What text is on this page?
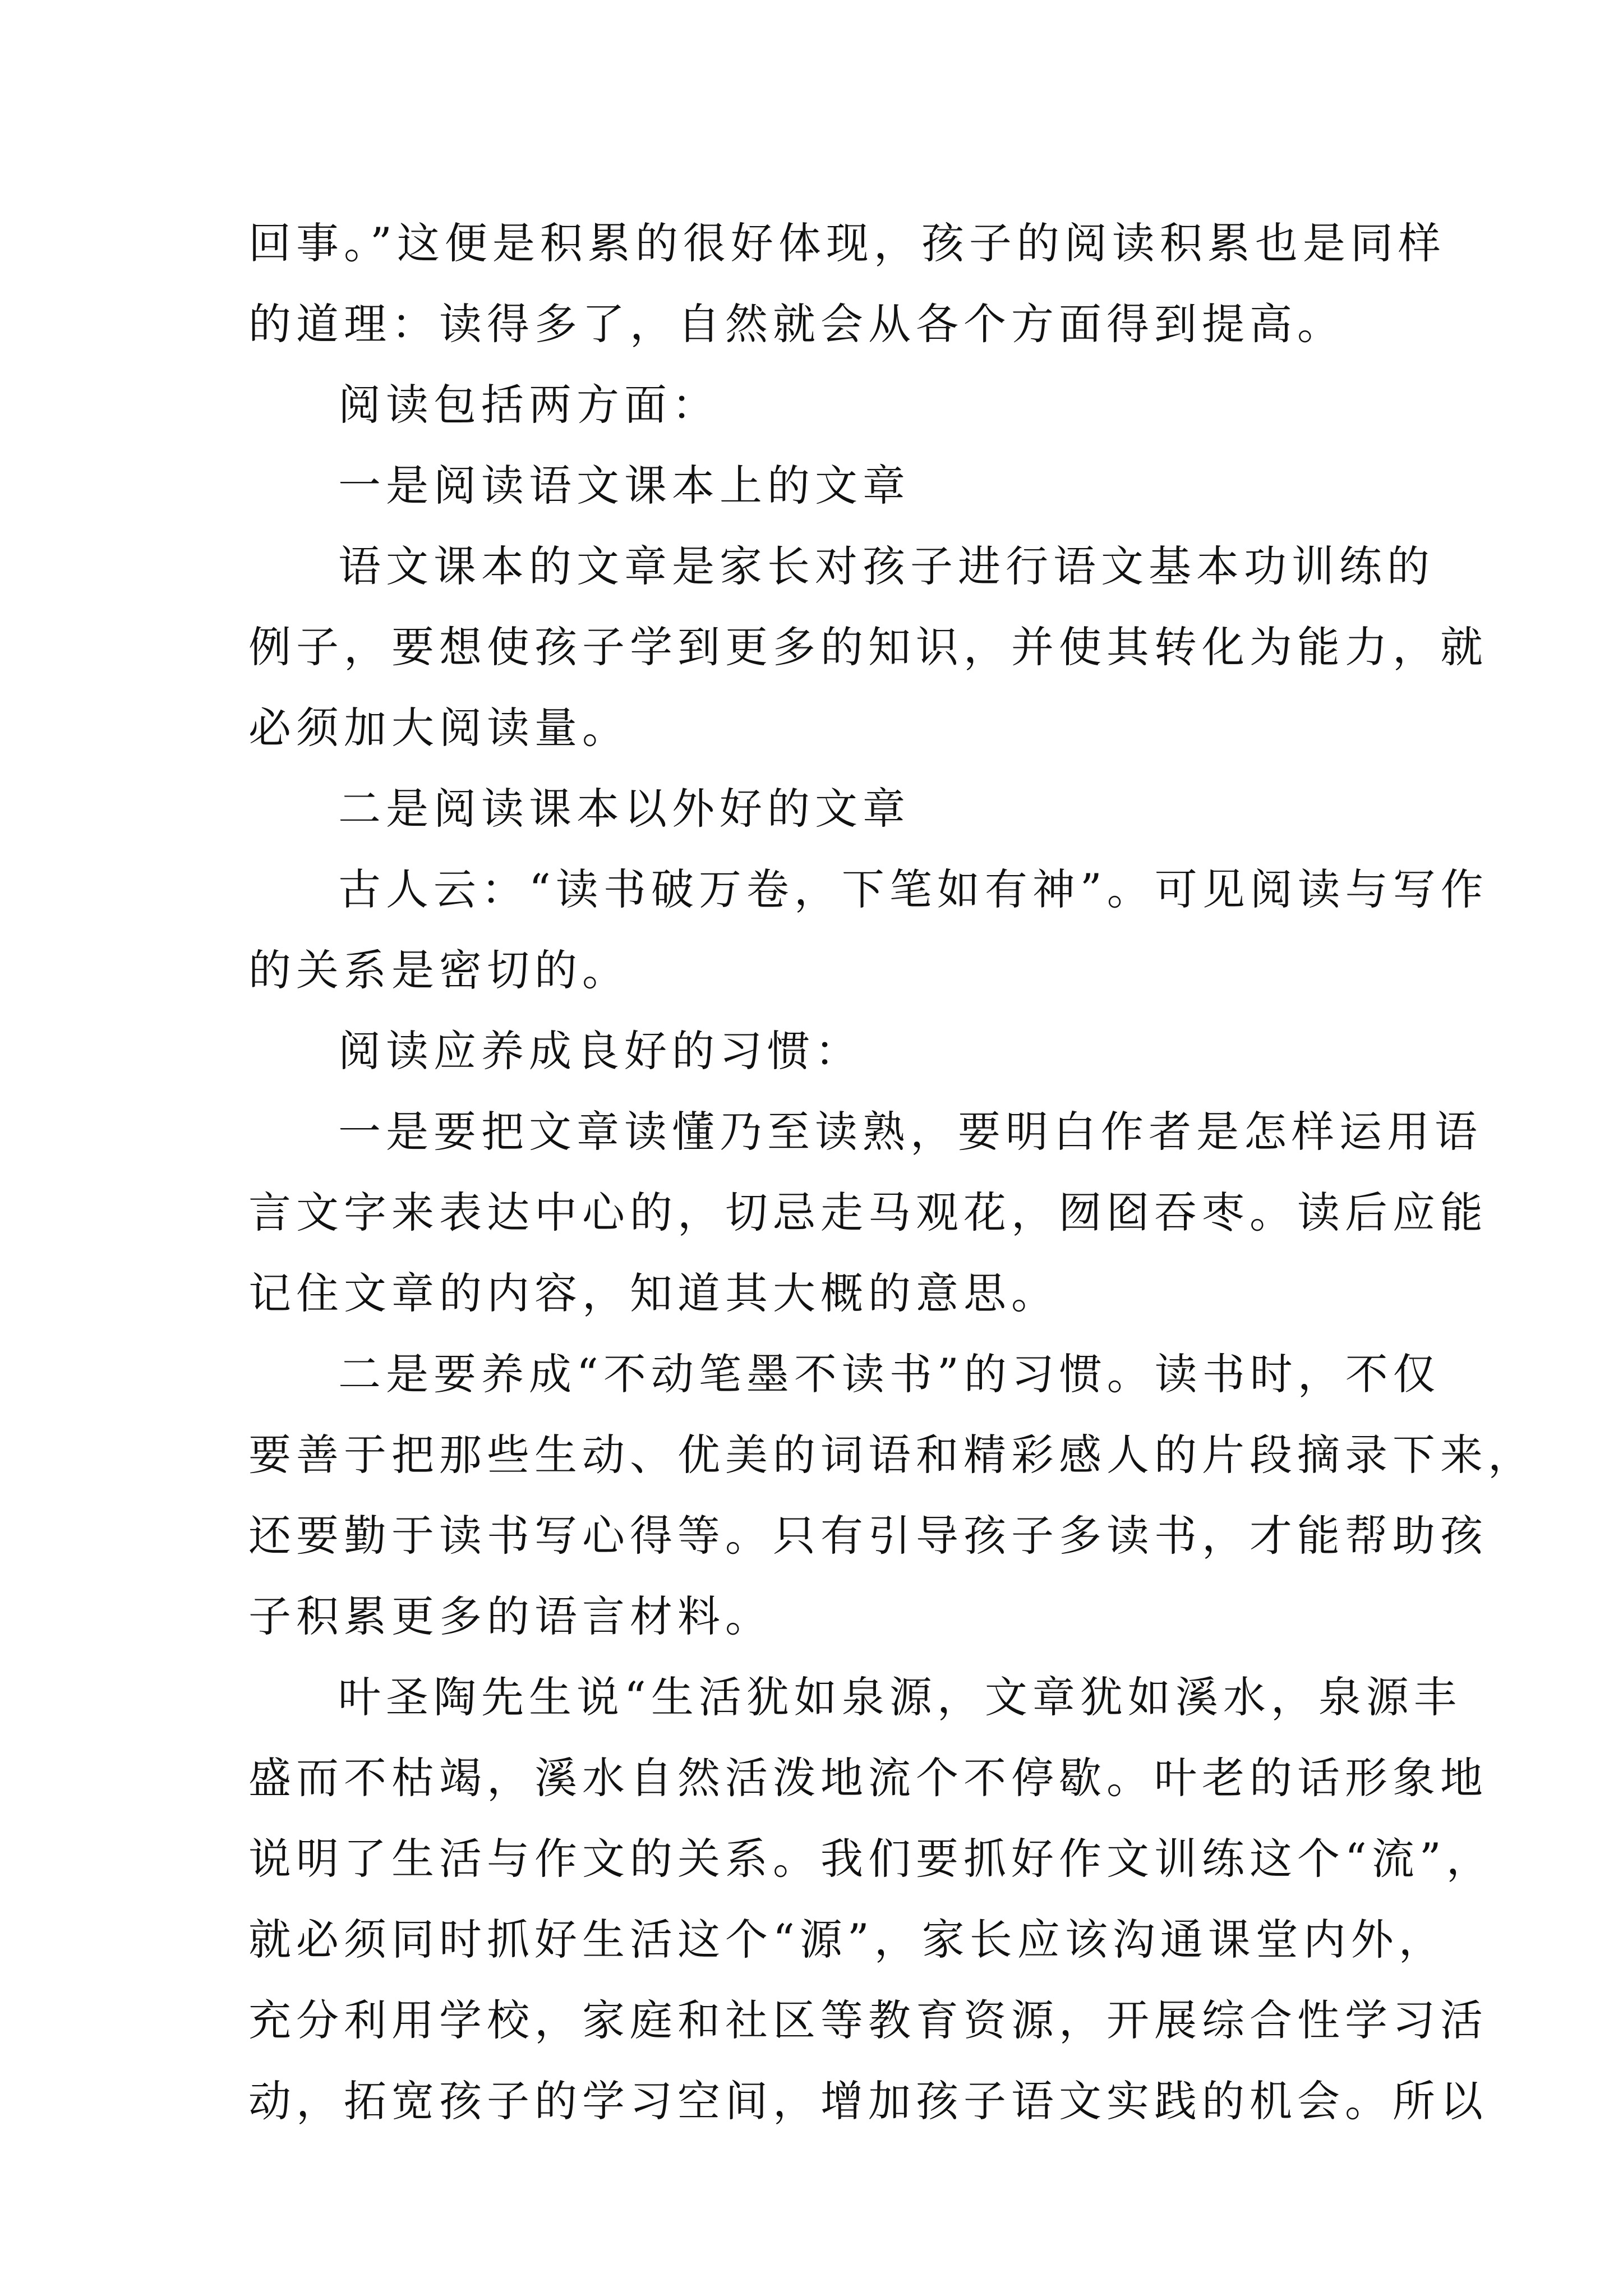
回事。”这便是积累的很好体现，孩子的阅读积累也是同样
的道理：读得多了，自然就会从各个方面得到提高。

阅读包括两方面：

一是阅读语文课本上的文章

语文课本的文章是家长对孩子进行语文基本功训练的

例子，要想使孩子学到更多的知识，并使其转化为能力，就
必须加大阅读量。

二是阅读课本以外好的文章

古人云：“读书破万卷，下笔如有神”。可见阅读与写作

的关系是密切的。

阅读应养成良好的习惯：

一是要把文章读懂乃至读熟，要明白作者是怎样运用语

言文字来表达中心的，切忌走马观花，囫囵吞枣。读后应能
记住文章的内容，知道其大概的意思。

二是要养成“不动笔墨不读书”的习惯。读书时，不仅

要善于把那些生动、优美的词语和精彩感人的片段摘录下来，
还要勤于读书写心得等。只有引导孩子多读书，才能帮助孩
子积累更多的语言材料。

叶圣陶先生说“生活犹如泉源，文章犹如溪水，泉源丰

盛而不枯竭，溪水自然活泼地流个不停歇。叶老的话形象地
说明了生活与作文的关系。我们要抓好作文训练这个“流”，
就必须同时抓好生活这个“源”，家长应该沟通课堂内外，
充分利用学校，家庭和社区等教育资源，开展综合性学习活
动，拓宽孩子的学习空间，增加孩子语文实践的机会。所以
